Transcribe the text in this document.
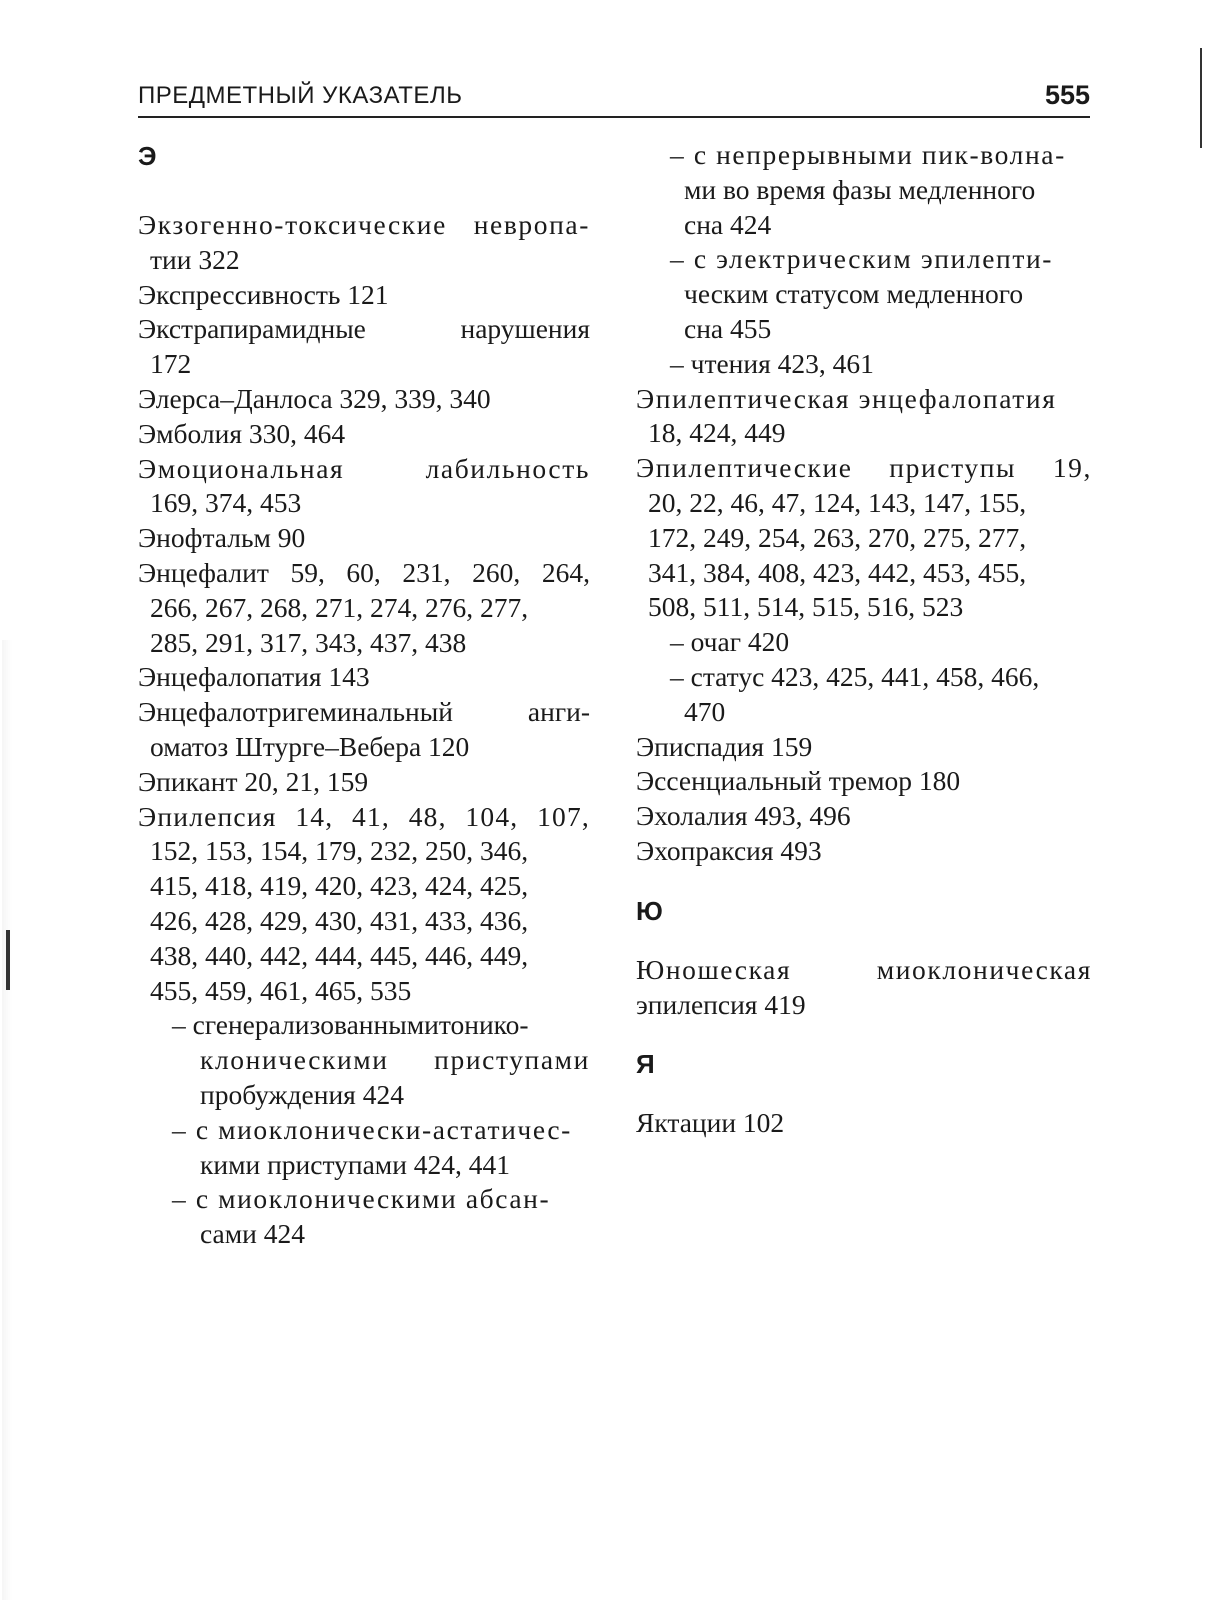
ПРЕДМЕТНЫЙ УКАЗАТЕЛЬ	555

Э

Экзогенно-токсические невропа-

тии 322

Экспрессивность 121

Экстрапирамидные нарушения

172

Элерса–Данлоса 329, 339, 340

Эмболия 330, 464

Эмоциональная лабильность

169, 374, 453

Энофтальм 90

Энцефалит 59, 60, 231, 260, 264,

266, 267, 268, 271, 274, 276, 277,

285, 291, 317, 343, 437, 438

Энцефалопатия 143

Энцефалотригеминальный анги-

оматоз Штурге–Вебера 120

Эпикант 20, 21, 159

Эпилепсия 14, 41, 48, 104, 107,

152, 153, 154, 179, 232, 250, 346,

415, 418, 419, 420, 423, 424, 425,

426, 428, 429, 430, 431, 433, 436,

438, 440, 442, 444, 445, 446, 449,

455, 459, 461, 465, 535

– сгенерализованнымитонико-

клоническими приступами

пробуждения 424

– с миоклонически-астатичес-

кими приступами 424, 441

– с миоклоническими абсан-

сами 424

– с непрерывными пик-волна-

ми во время фазы медленного

сна 424

– с электрическим эпилепти-

ческим статусом медленного

сна 455

– чтения 423, 461

Эпилептическая энцефалопатия

18, 424, 449

Эпилептические приступы 19,

20, 22, 46, 47, 124, 143, 147, 155,

172, 249, 254, 263, 270, 275, 277,

341, 384, 408, 423, 442, 453, 455,

508, 511, 514, 515, 516, 523

– очаг 420

– статус 423, 425, 441, 458, 466,

470

Эписпадия 159

Эссенциальный тремор 180

Эхолалия 493, 496

Эхопраксия 493

Ю

Юношеская миоклоническая

эпилепсия 419

Я

Яктации 102
